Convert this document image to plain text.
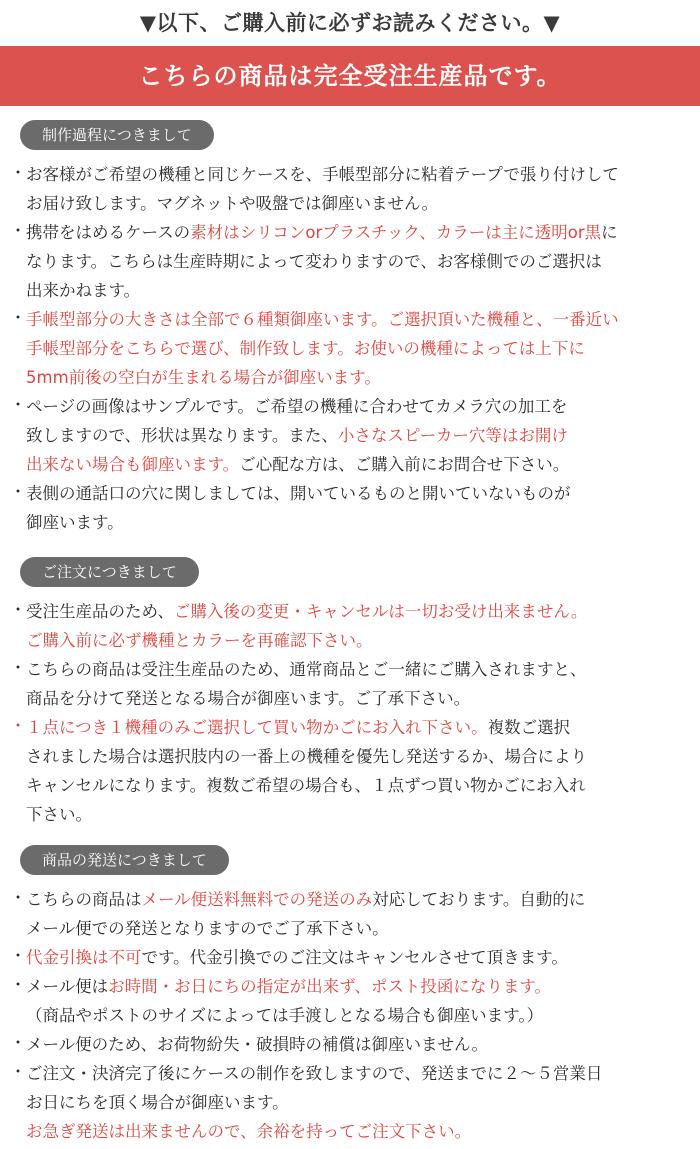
▼以下、ご購入前に必ずお読みください。▼
こちらの商品は完全受注生産品です。
制作過程につきまして
・ お客様がご希望の機種と同じケースを、手帳型部分に粘着テープで張り付けして
お届け致します。マグネットや吸盤では御座いません。
・ 携帯をはめるケースの素材はシリコンorプラスチック、カラーは主に透明or黒に
なります。こちらは生産時期によって変わりますので、お客様側でのご選択は
出来かねます。
・ 手帳型部分の大きさは全部で６種類御座います。ご選択頂いた機種と、一番近い
手帳型部分をこちらで選び、制作致します。お使いの機種によっては上下に
5mm前後の空白が生まれる場合が御座います。
・ ページの画像はサンプルです。ご希望の機種に合わせてカメラ穴の加工を
致しますので、形状は異なります。また、小さなスピーカー穴等はお開け
出来ない場合も御座います。ご心配な方は、ご購入前にお問合せ下さい。
・ 表側の通話口の穴に関しましては、開いているものと開いていないものが
御座います。
ご注文につきまして
・ 受注生産品のため、ご購入後の変更・キャンセルは一切お受け出来ません。
ご購入前に必ず機種とカラーを再確認下さい。
・ こちらの商品は受注生産品のため、通常商品とご一緒にご購入されますと、
商品を分けて発送となる場合が御座います。ご了承下さい。
・ １点につき１機種のみご選択して買い物かごにお入れ下さい。複数ご選択
されました場合は選択肢内の一番上の機種を優先し発送するか、場合により
キャンセルになります。複数ご希望の場合も、１点ずつ買い物かごにお入れ
下さい。
商品の発送につきまして
・ こちらの商品はメール便送料無料での発送のみ対応しております。自動的に
メール便での発送となりますのでご了承下さい。
・ 代金引換は不可です。代金引換でのご注文はキャンセルさせて頂きます。
・ メール便はお時間・お日にちの指定が出来ず、ポスト投函になります。
（商品やポストのサイズによっては手渡しとなる場合も御座います。）
・ メール便のため、お荷物紛失・破損時の補償は御座いません。
・ ご注文・決済完了後にケースの制作を致しますので、発送までに２～５営業日
お日にちを頂く場合が御座います。
お急ぎ発送は出来ませんので、余裕を持ってご注文下さい。
